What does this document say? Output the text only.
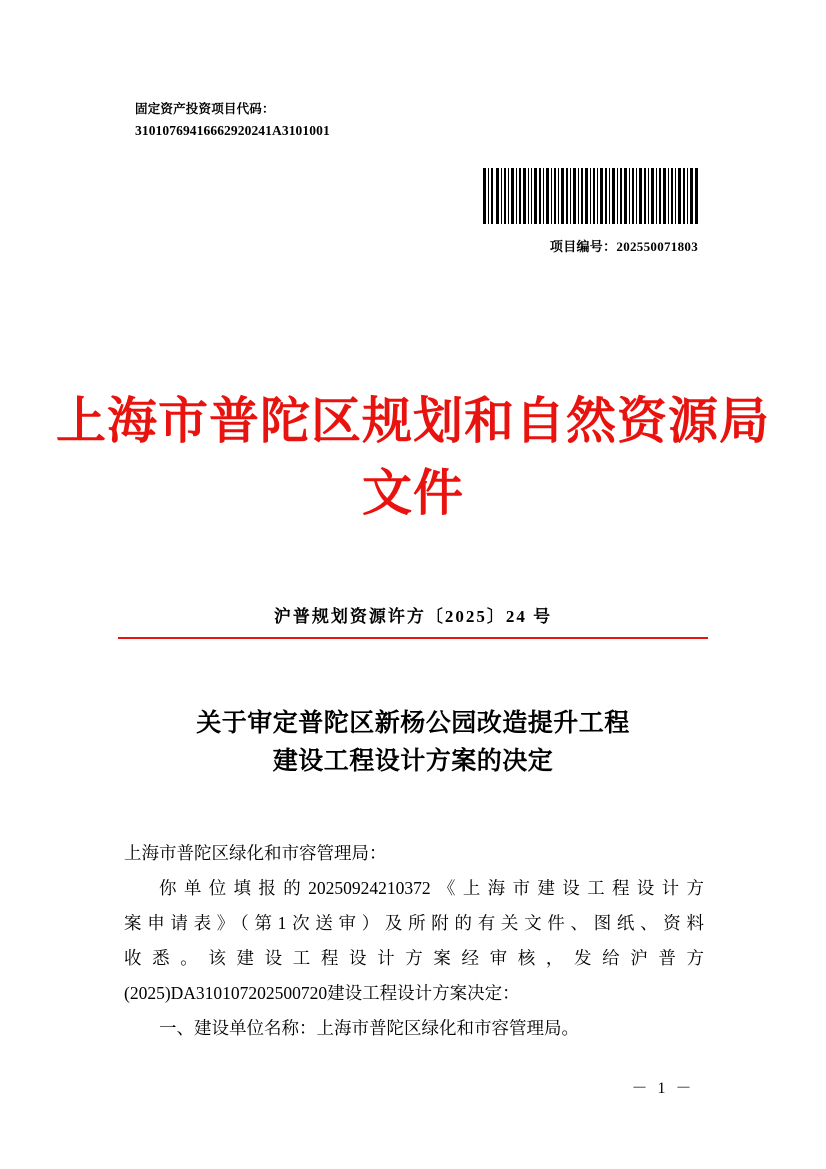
固定资产投资项目代码：
31010769416662920241A3101001
项目编号：202550071803
上海市普陀区规划和自然资源局
文件
沪普规划资源许方〔2025〕24 号
关于审定普陀区新杨公园改造提升工程
建设工程设计方案的决定

上海市普陀区绿化和市容管理局：

你单位填报的20250924210372《上海市建设工程设计方

案申请表》（第1次送审）及所附的有关文件、图纸、资料

收悉。该建设工程设计方案经审核，发给沪普方

(2025)DA310107202500720建设工程设计方案决定：

一、建设单位名称：上海市普陀区绿化和市容管理局。

－ 1 －
